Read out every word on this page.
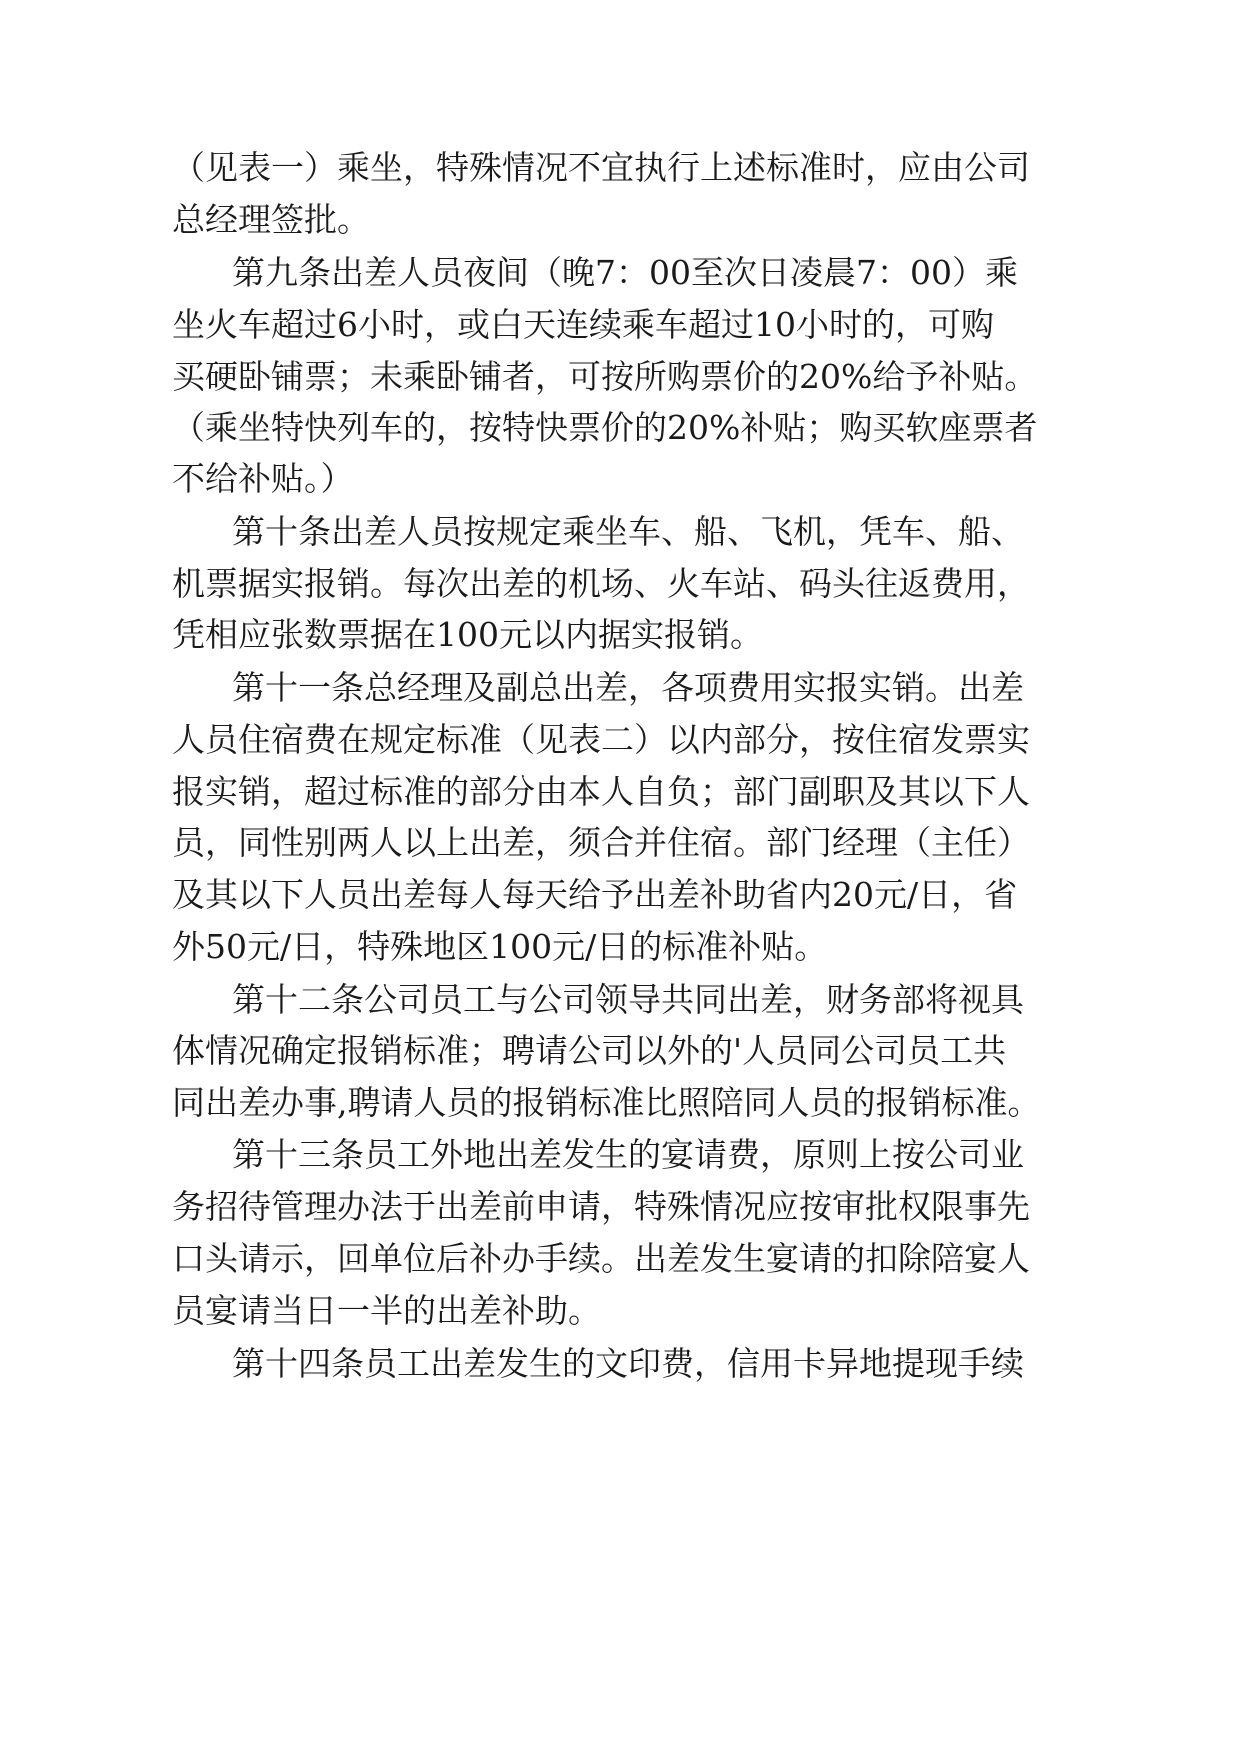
（见表一）乘坐，特殊情况不宜执行上述标准时，应由公司
总经理签批。
第九条出差人员夜间（晚7：00至次日凌晨7：00）乘
坐火车超过6小时，或白天连续乘车超过10小时的，可购
买硬卧铺票；未乘卧铺者，可按所购票价的20%给予补贴。
（乘坐特快列车的，按特快票价的20%补贴；购买软座票者
不给补贴。）
第十条出差人员按规定乘坐车、船、飞机，凭车、船、
机票据实报销。每次出差的机场、火车站、码头往返费用，
凭相应张数票据在100元以内据实报销。
第十一条总经理及副总出差，各项费用实报实销。出差
人员住宿费在规定标准（见表二）以内部分，按住宿发票实
报实销，超过标准的部分由本人自负；部门副职及其以下人
员，同性别两人以上出差，须合并住宿。部门经理（主任）
及其以下人员出差每人每天给予出差补助省内20元/日，省
外50元/日，特殊地区100元/日的标准补贴。
第十二条公司员工与公司领导共同出差，财务部将视具
体情况确定报销标准；聘请公司以外的'人员同公司员工共
同出差办事,聘请人员的报销标准比照陪同人员的报销标准。
第十三条员工外地出差发生的宴请费，原则上按公司业
务招待管理办法于出差前申请，特殊情况应按审批权限事先
口头请示，回单位后补办手续。出差发生宴请的扣除陪宴人
员宴请当日一半的出差补助。
第十四条员工出差发生的文印费，信用卡异地提现手续
